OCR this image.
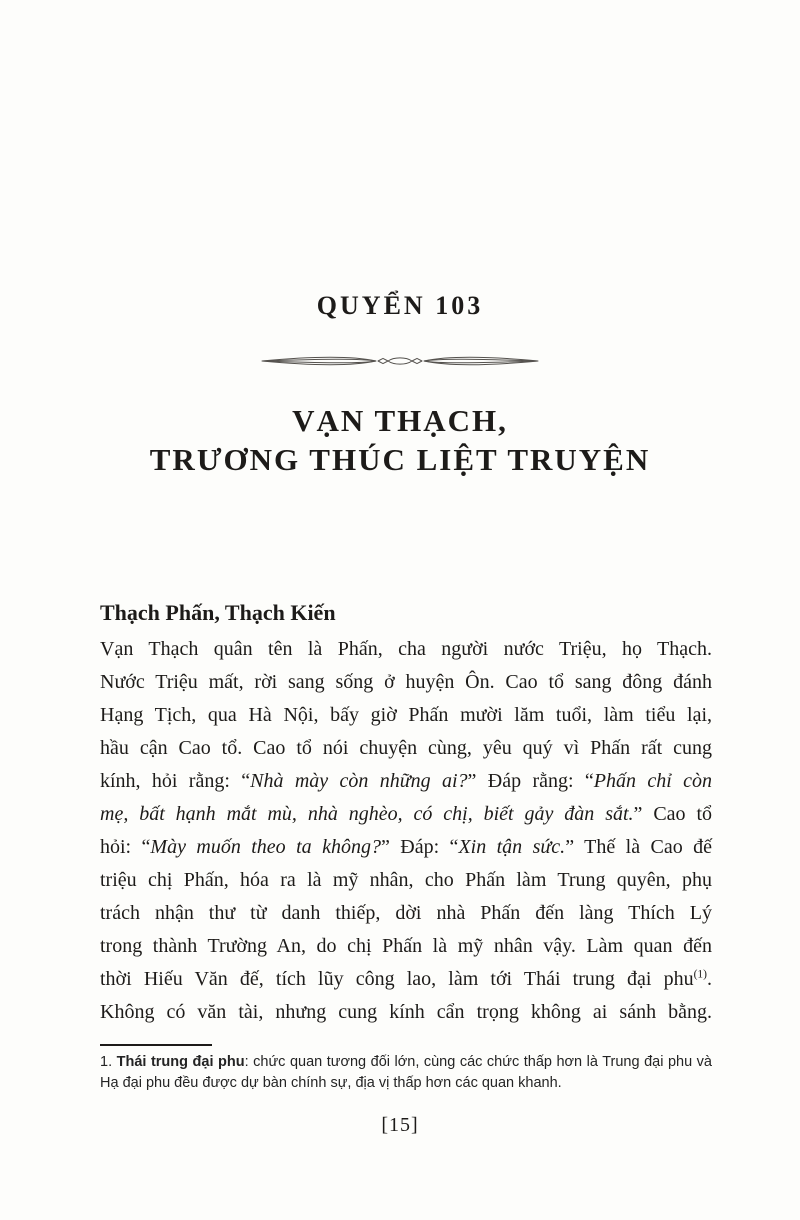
QUYỂN 103
VẠN THẠCH,
TRƯƠNG THÚC LIỆT TRUYỆN
Thạch Phấn, Thạch Kiến
Vạn Thạch quân tên là Phấn, cha người nước Triệu, họ Thạch.
Nước Triệu mất, rời sang sống ở huyện Ôn. Cao tổ sang đông đánh
Hạng Tịch, qua Hà Nội, bấy giờ Phấn mười lăm tuổi, làm tiểu lại,
hầu cận Cao tổ. Cao tổ nói chuyện cùng, yêu quý vì Phấn rất cung
kính, hỏi rằng: “Nhà mày còn những ai?” Đáp rằng: “Phấn chỉ còn
mẹ, bất hạnh mắt mù, nhà nghèo, có chị, biết gảy đàn sắt.” Cao tổ
hỏi: “Mày muốn theo ta không?” Đáp: “Xin tận sức.” Thế là Cao đế
triệu chị Phấn, hóa ra là mỹ nhân, cho Phấn làm Trung quyên, phụ
trách nhận thư từ danh thiếp, dời nhà Phấn đến làng Thích Lý
trong thành Trường An, do chị Phấn là mỹ nhân vậy. Làm quan đến
thời Hiếu Văn đế, tích lũy công lao, làm tới Thái trung đại phu$^{(1)}$.
Không có văn tài, nhưng cung kính cẩn trọng không ai sánh bằng.
1. Thái trung đại phu: chức quan tương đối lớn, cùng các chức thấp hơn là Trung đại phu và Hạ đại phu đều được dự bàn chính sự, địa vị thấp hơn các quan khanh.
[15]
